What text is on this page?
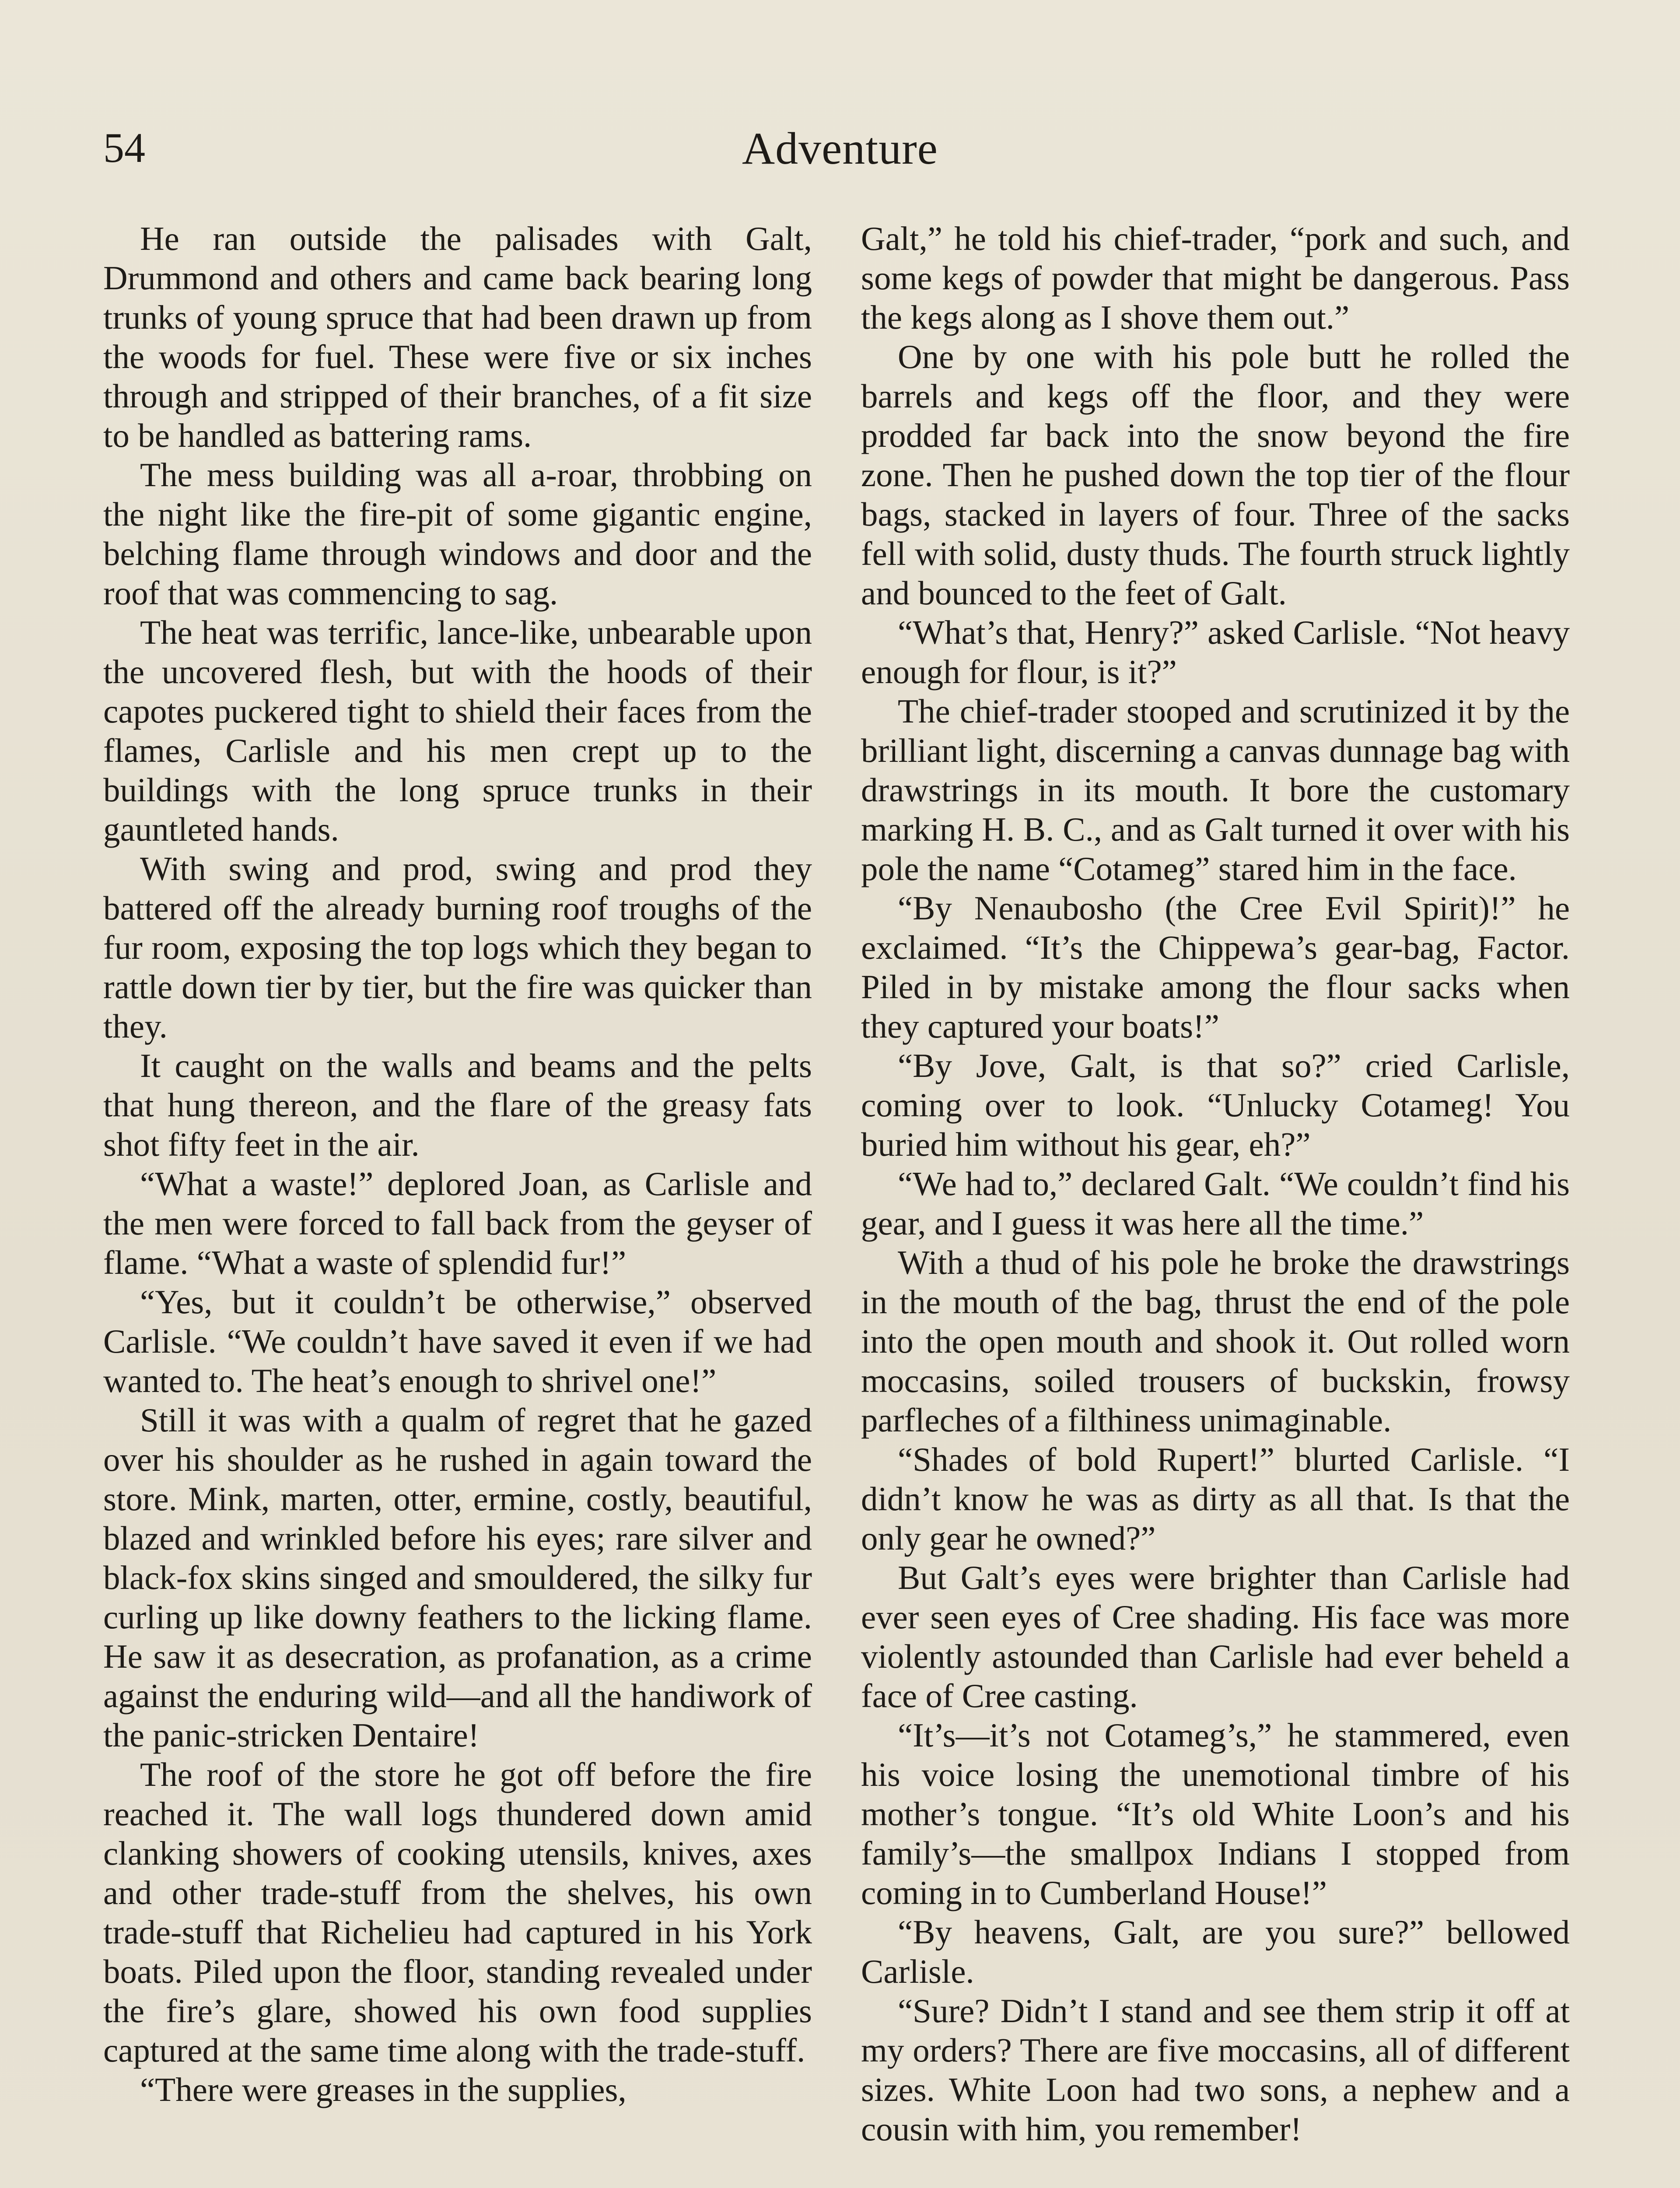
54	Adventure

He ran outside the palisades with Galt, Drummond and others and came back bearing long trunks of young spruce that had been drawn up from the woods for fuel. These were five or six inches through and stripped of their branches, of a fit size to be handled as battering rams.

The mess building was all a-roar, throbbing on the night like the fire-pit of some gigantic engine, belching flame through windows and door and the roof that was commencing to sag.

The heat was terrific, lance-like, unbearable upon the uncovered flesh, but with the hoods of their capotes puckered tight to shield their faces from the flames, Carlisle and his men crept up to the buildings with the long spruce trunks in their gauntleted hands.

With swing and prod, swing and prod they battered off the already burning roof troughs of the fur room, exposing the top logs which they began to rattle down tier by tier, but the fire was quicker than they.

It caught on the walls and beams and the pelts that hung thereon, and the flare of the greasy fats shot fifty feet in the air.

“What a waste!” deplored Joan, as Carlisle and the men were forced to fall back from the geyser of flame. “What a waste of splendid fur!”

“Yes, but it couldn’t be otherwise,” observed Carlisle. “We couldn’t have saved it even if we had wanted to. The heat’s enough to shrivel one!”

Still it was with a qualm of regret that he gazed over his shoulder as he rushed in again toward the store. Mink, marten, otter, ermine, costly, beautiful, blazed and wrinkled before his eyes; rare silver and black-fox skins singed and smouldered, the silky fur curling up like downy feathers to the licking flame. He saw it as desecration, as profanation, as a crime against the enduring wild—and all the handiwork of the panic-stricken Dentaire!

The roof of the store he got off before the fire reached it. The wall logs thundered down amid clanking showers of cooking utensils, knives, axes and other trade-stuff from the shelves, his own trade-stuff that Richelieu had captured in his York boats. Piled upon the floor, standing revealed under the fire’s glare, showed his own food supplies captured at the same time along with the trade-stuff.

“There were greases in the supplies,

Galt,” he told his chief-trader, “pork and such, and some kegs of powder that might be dangerous. Pass the kegs along as I shove them out.”

One by one with his pole butt he rolled the barrels and kegs off the floor, and they were prodded far back into the snow beyond the fire zone. Then he pushed down the top tier of the flour bags, stacked in layers of four. Three of the sacks fell with solid, dusty thuds. The fourth struck lightly and bounced to the feet of Galt.

“What’s that, Henry?” asked Carlisle. “Not heavy enough for flour, is it?”

The chief-trader stooped and scrutinized it by the brilliant light, discerning a canvas dunnage bag with drawstrings in its mouth. It bore the customary marking H. B. C., and as Galt turned it over with his pole the name “Cotameg” stared him in the face.

“By Nenaubosho (the Cree Evil Spirit)!” he exclaimed. “It’s the Chippewa’s gear-bag, Factor. Piled in by mistake among the flour sacks when they captured your boats!”

“By Jove, Galt, is that so?” cried Carlisle, coming over to look. “Unlucky Cotameg! You buried him without his gear, eh?”

“We had to,” declared Galt. “We couldn’t find his gear, and I guess it was here all the time.”

With a thud of his pole he broke the drawstrings in the mouth of the bag, thrust the end of the pole into the open mouth and shook it. Out rolled worn moccasins, soiled trousers of buckskin, frowsy parfleches of a filthiness unimaginable.

“Shades of bold Rupert!” blurted Carlisle. “I didn’t know he was as dirty as all that. Is that the only gear he owned?”

But Galt’s eyes were brighter than Carlisle had ever seen eyes of Cree shading. His face was more violently astounded than Carlisle had ever beheld a face of Cree casting.

“It’s—it’s not Cotameg’s,” he stammered, even his voice losing the unemotional timbre of his mother’s tongue. “It’s old White Loon’s and his family’s—the smallpox Indians I stopped from coming in to Cumberland House!”

“By heavens, Galt, are you sure?” bellowed Carlisle.

“Sure? Didn’t I stand and see them strip it off at my orders? There are five moccasins, all of different sizes. White Loon had two sons, a nephew and a cousin with him, you remember!
